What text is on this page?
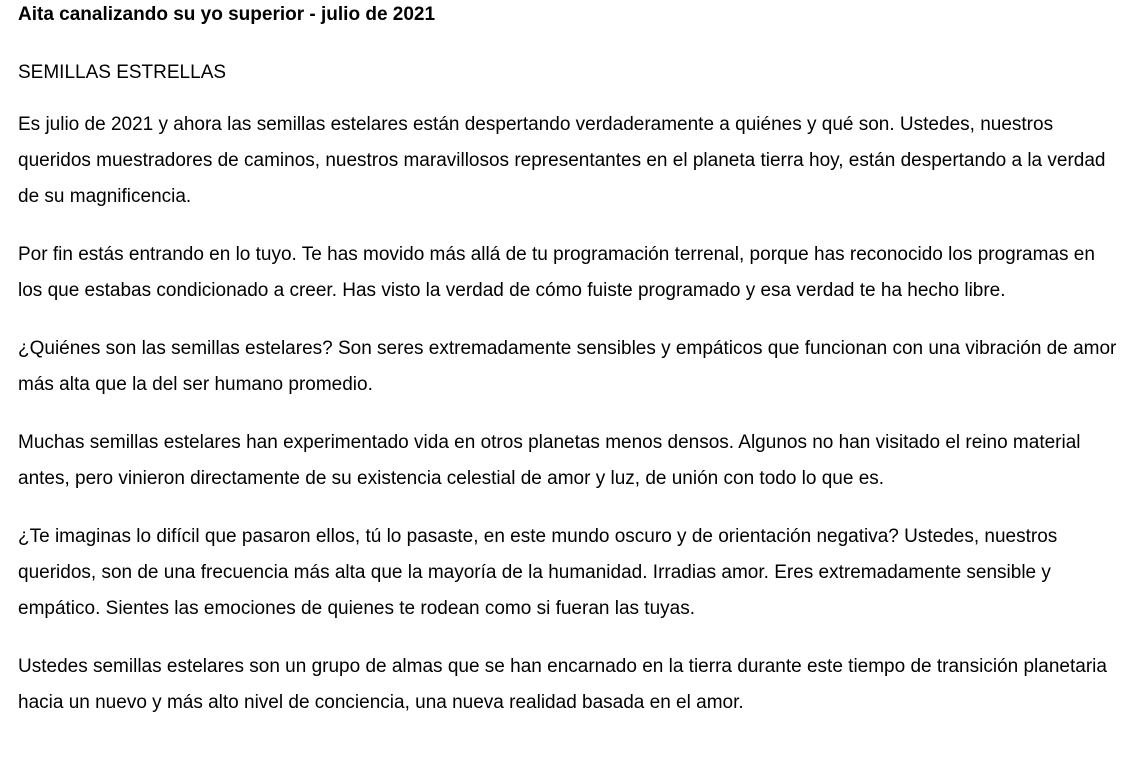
Aita canalizando su yo superior - julio de 2021
SEMILLAS ESTRELLAS

Es julio de 2021 y ahora las semillas estelares están despertando verdaderamente a quiénes y qué son. Ustedes, nuestros queridos muestradores de caminos, nuestros maravillosos representantes en el planeta tierra hoy, están despertando a la verdad de su magnificencia.

Por fin estás entrando en lo tuyo. Te has movido más allá de tu programación terrenal, porque has reconocido los programas en los que estabas condicionado a creer. Has visto la verdad de cómo fuiste programado y esa verdad te ha hecho libre.

¿Quiénes son las semillas estelares? Son seres extremadamente sensibles y empáticos que funcionan con una vibración de amor más alta que la del ser humano promedio.

Muchas semillas estelares han experimentado vida en otros planetas menos densos. Algunos no han visitado el reino material antes, pero vinieron directamente de su existencia celestial de amor y luz, de unión con todo lo que es.

¿Te imaginas lo difícil que pasaron ellos, tú lo pasaste, en este mundo oscuro y de orientación negativa? Ustedes, nuestros queridos, son de una frecuencia más alta que la mayoría de la humanidad. Irradias amor. Eres extremadamente sensible y empático. Sientes las emociones de quienes te rodean como si fueran las tuyas.

Ustedes semillas estelares son un grupo de almas que se han encarnado en la tierra durante este tiempo de transición planetaria hacia un nuevo y más alto nivel de conciencia, una nueva realidad basada en el amor.
